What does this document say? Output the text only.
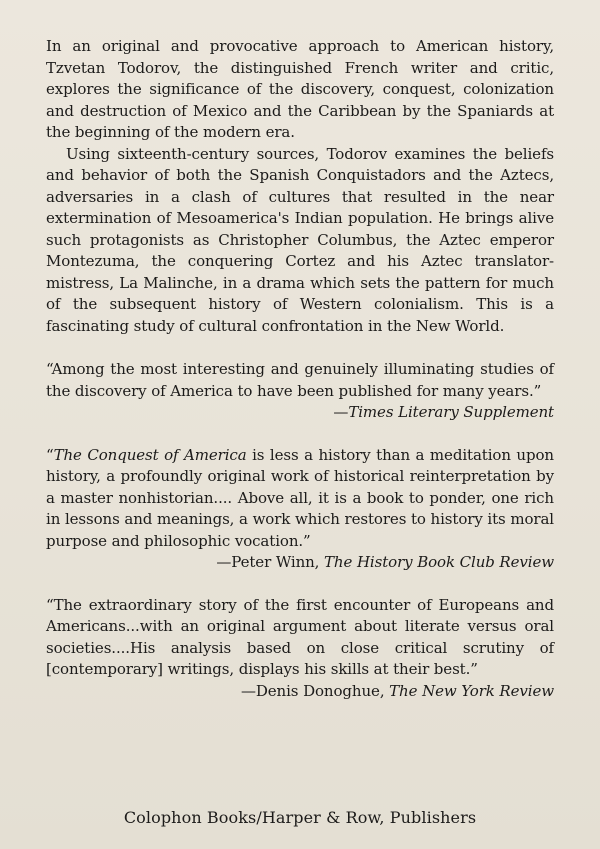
In an original and provocative approach to American history, Tzvetan Todorov, the distinguished French writer and critic, explores the significance of the discovery, conquest, colonization and destruction of Mexico and the Caribbean by the Spaniards at the beginning of the modern era.

Using sixteenth-century sources, Todorov examines the beliefs and behavior of both the Spanish Conquistadors and the Aztecs, adversaries in a clash of cultures that resulted in the near extermination of Mesoamerica's Indian population. He brings alive such protagonists as Christopher Columbus, the Aztec emperor Montezuma, the conquering Cortez and his Aztec translator-mistress, La Malinche, in a drama which sets the pattern for much of the subsequent history of Western colonialism. This is a fascinating study of cultural confrontation in the New World.

“Among the most interesting and genuinely illuminating studies of the discovery of America to have been published for many years.”
—Times Literary Supplement

“The Conquest of America is less a history than a meditation upon history, a profoundly original work of historical reinterpretation by a master nonhistorian.... Above all, it is a book to ponder, one rich in lessons and meanings, a work which restores to history its moral purpose and philosophic vocation.”
—Peter Winn, The History Book Club Review

“The extraordinary story of the first encounter of Europeans and Americans...with an original argument about literate versus oral societies....His analysis based on close critical scrutiny of [contemporary] writings, displays his skills at their best.”
—Denis Donoghue, The New York Review

Colophon Books/Harper & Row, Publishers
